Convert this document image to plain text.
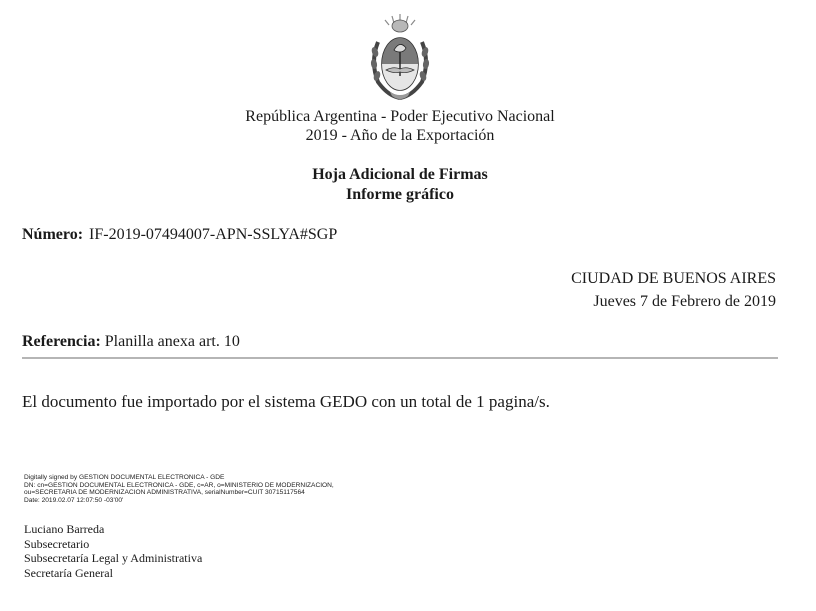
República Argentina - Poder Ejecutivo Nacional
2019 - Año de la Exportación
Hoja Adicional de Firmas
Informe gráfico
Número: IF-2019-07494007-APN-SSLYA#SGP
CIUDAD DE BUENOS AIRES
Jueves 7 de Febrero de 2019
Referencia: Planilla anexa art. 10
El documento fue importado por el sistema GEDO con un total de 1 pagina/s.
Digitally signed by GESTION DOCUMENTAL ELECTRONICA - GDE
DN: cn=GESTION DOCUMENTAL ELECTRONICA - GDE, c=AR, o=MINISTERIO DE MODERNIZACION,
ou=SECRETARIA DE MODERNIZACION ADMINISTRATIVA, serialNumber=CUIT 30715117564
Date: 2019.02.07 12:07:50 -03'00'
Luciano Barreda
Subsecretario
Subsecretaría Legal y Administrativa
Secretaría General
